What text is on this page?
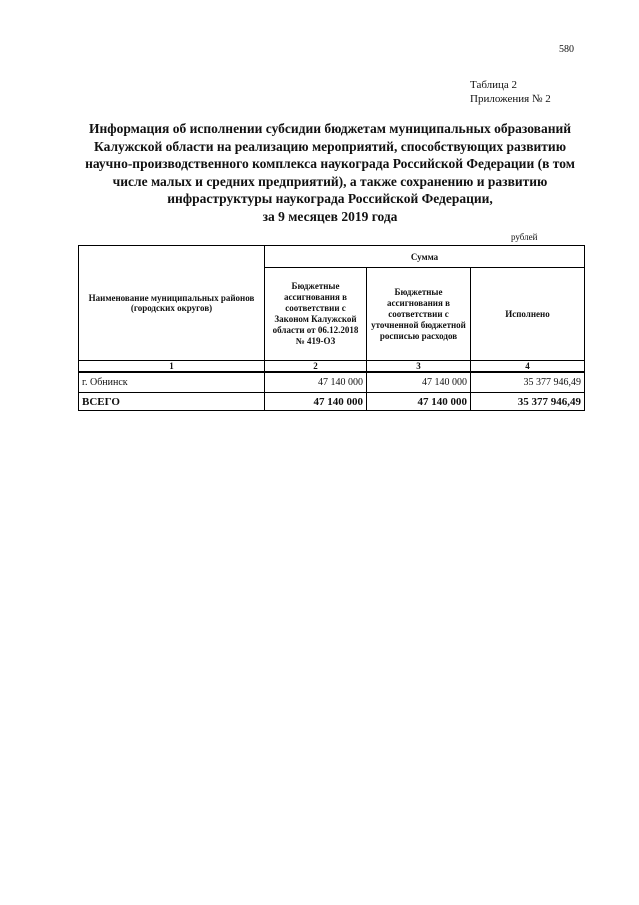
580
Таблица 2
Приложения № 2
Информация об исполнении субсидии бюджетам муниципальных образований
Калужской области на реализацию мероприятий, способствующих развитию
научно-производственного комплекса наукограда Российской Федерации (в том
числе малых и средних предприятий), а также сохранению и развитию
инфраструктуры наукограда Российской Федерации,
за 9 месяцев 2019 года
рублей
Наименование муниципальных районов (городских округов)	Сумма		
	Бюджетные ассигнования в соответствии с Законом Калужской области от 06.12.2018 № 419-ОЗ	Бюджетные ассигнования в соответствии с уточненной бюджетной росписью расходов	Исполнено
1	2	3	4
г. Обнинск	47 140 000	47 140 000	35 377 946,49
ВСЕГО	47 140 000	47 140 000	35 377 946,49
